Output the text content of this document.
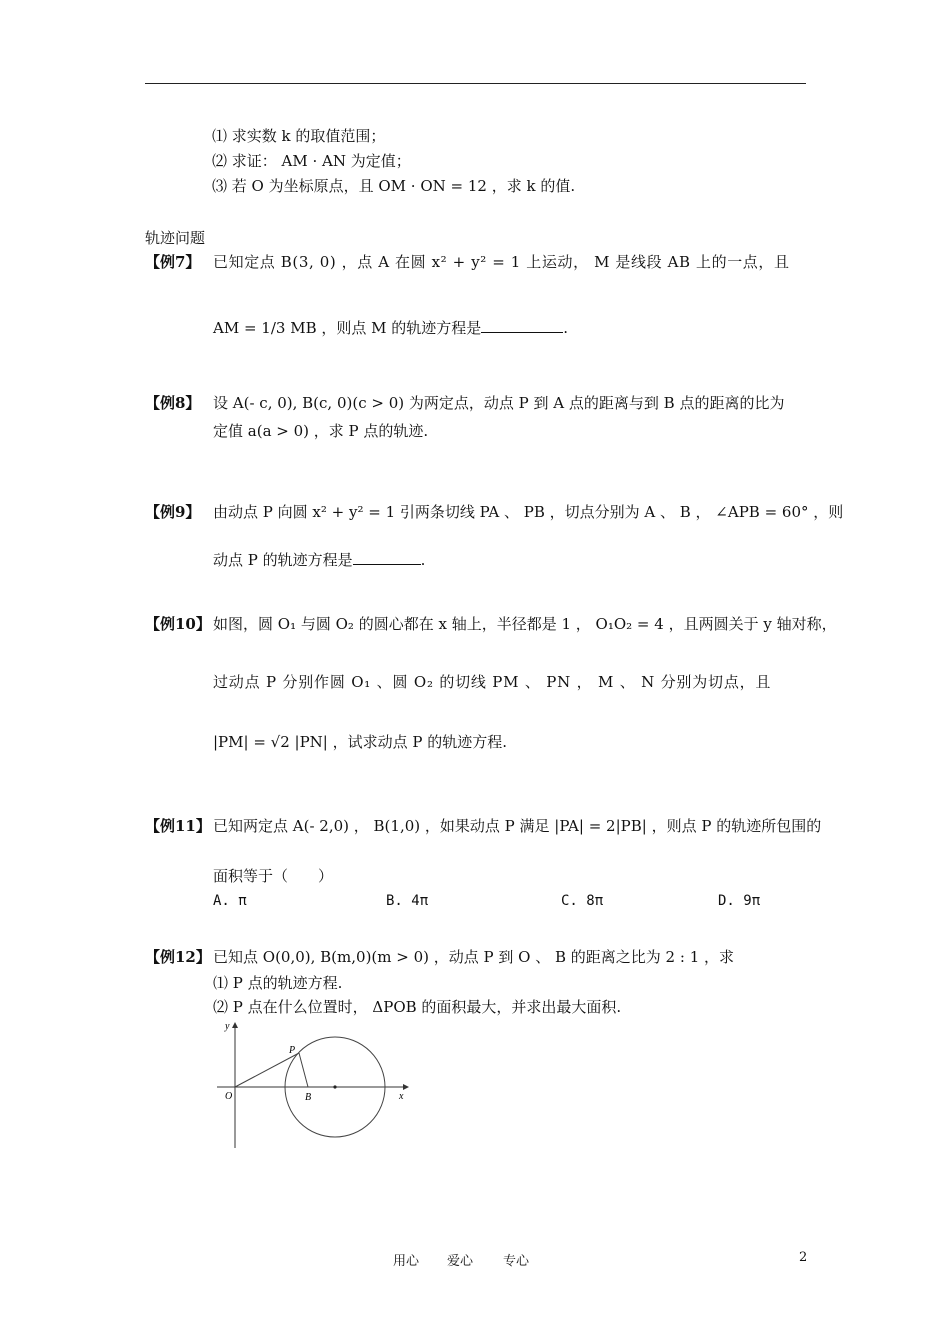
⑴ 求实数 k 的取值范围；
⑵ 求证： AM · AN 为定值；
⑶ 若 O 为坐标原点，且 OM · ON = 12 ，求 k 的值.
轨迹问题
【例7】 已知定点 B(3, 0) ，点 A 在圆 x² + y² = 1 上运动， M 是线段 AB 上的一点，且
AM = 1/3 MB ，则点 M 的轨迹方程是	.
【例8】 设 A(- c, 0), B(c, 0)(c > 0) 为两定点，动点 P 到 A 点的距离与到 B 点的距离的比为
定值 a(a > 0) ，求 P 点的轨迹.
【例9】 由动点 P 向圆 x² + y² = 1 引两条切线 PA 、 PB ，切点分别为 A 、 B ， ∠APB = 60° ，则
动点 P 的轨迹方程是	.
【例10】 如图，圆 O₁ 与圆 O₂ 的圆心都在 x 轴上，半径都是 1 ， O₁O₂ = 4 ，且两圆关于 y 轴对称，
过动点 P 分别作圆 O₁ 、圆 O₂ 的切线 PM 、 PN ， M 、 N 分别为切点，且
|PM| = √2 |PN| ，试求动点 P 的轨迹方程.
【例11】 已知两定点 A(- 2,0) ， B(1,0) ，如果动点 P 满足 |PA| = 2|PB| ，则点 P 的轨迹所包围的
面积等于（　　）
A. π	B. 4π	C. 8π	D. 9π
【例12】 已知点 O(0,0), B(m,0)(m > 0) ，动点 P 到 O 、 B 的距离之比为 2 : 1 ，求
⑴ P 点的轨迹方程.
⑵ P 点在什么位置时， ΔPOB 的面积最大，并求出最大面积.
y
x
O	B
P
用心 爱心 专心	2
